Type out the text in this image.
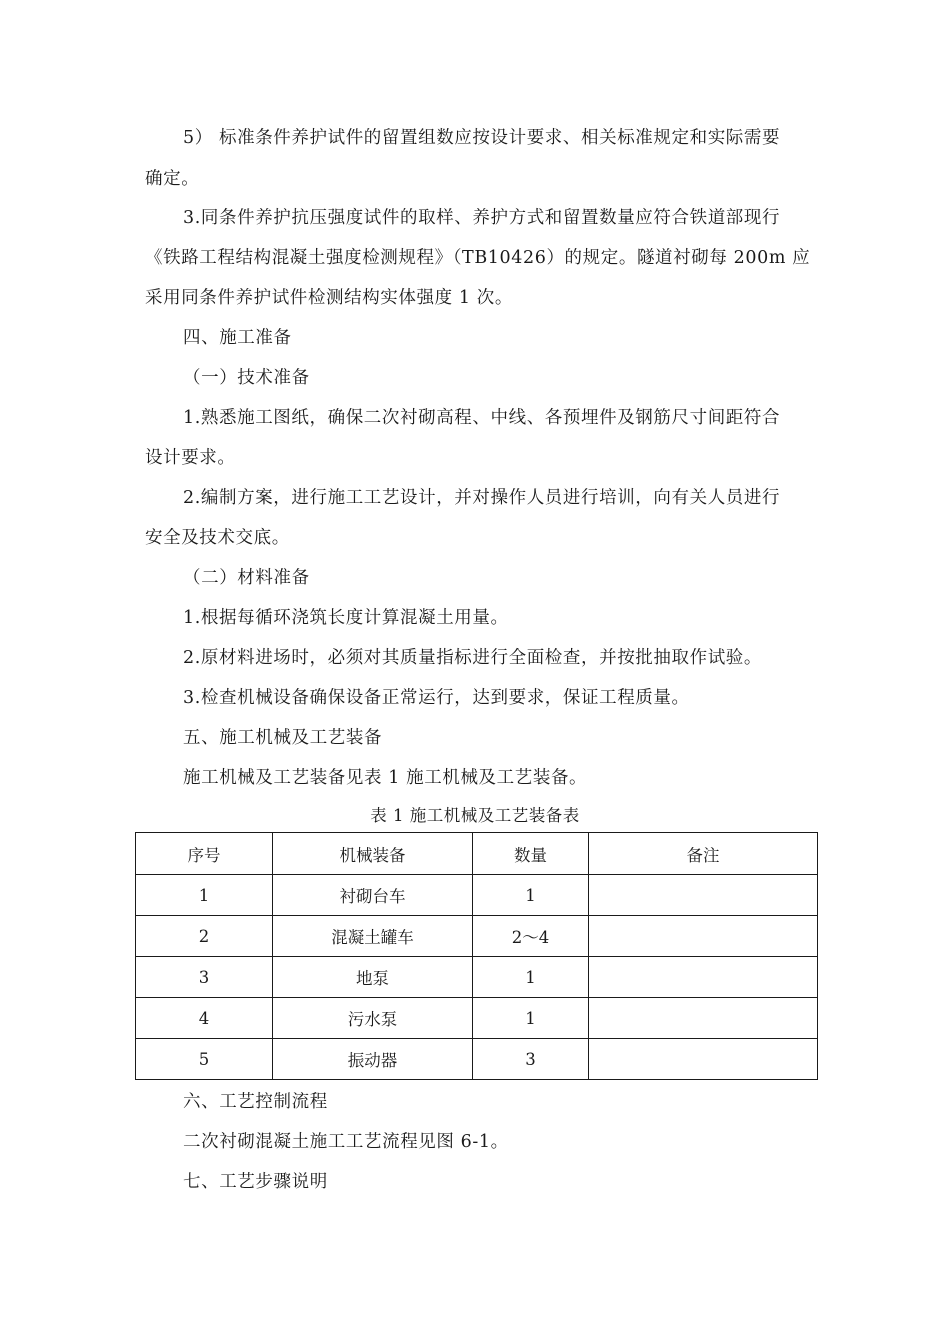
5） 标准条件养护试件的留置组数应按设计要求、相关标准规定和实际需要
确定。
3.同条件养护抗压强度试件的取样、养护方式和留置数量应符合铁道部现行
《铁路工程结构混凝土强度检测规程》（TB10426）的规定。隧道衬砌每 200m 应
采用同条件养护试件检测结构实体强度 1 次。
四、施工准备
（一）技术准备
1.熟悉施工图纸，确保二次衬砌高程、中线、各预埋件及钢筋尺寸间距符合
设计要求。
2.编制方案，进行施工工艺设计，并对操作人员进行培训，向有关人员进行
安全及技术交底。
（二）材料准备
1.根据每循环浇筑长度计算混凝土用量。
2.原材料进场时，必须对其质量指标进行全面检查，并按批抽取作试验。
3.检查机械设备确保设备正常运行，达到要求，保证工程质量。
五、施工机械及工艺装备
施工机械及工艺装备见表 1 施工机械及工艺装备。
表 1 施工机械及工艺装备表
序号	机械装备	数量	备注
1	衬砌台车	1	
2	混凝土罐车	2～4	
3	地泵	1	
4	污水泵	1	
5	振动器	3	
六、工艺控制流程
二次衬砌混凝土施工工艺流程见图 6-1。
七、工艺步骤说明
